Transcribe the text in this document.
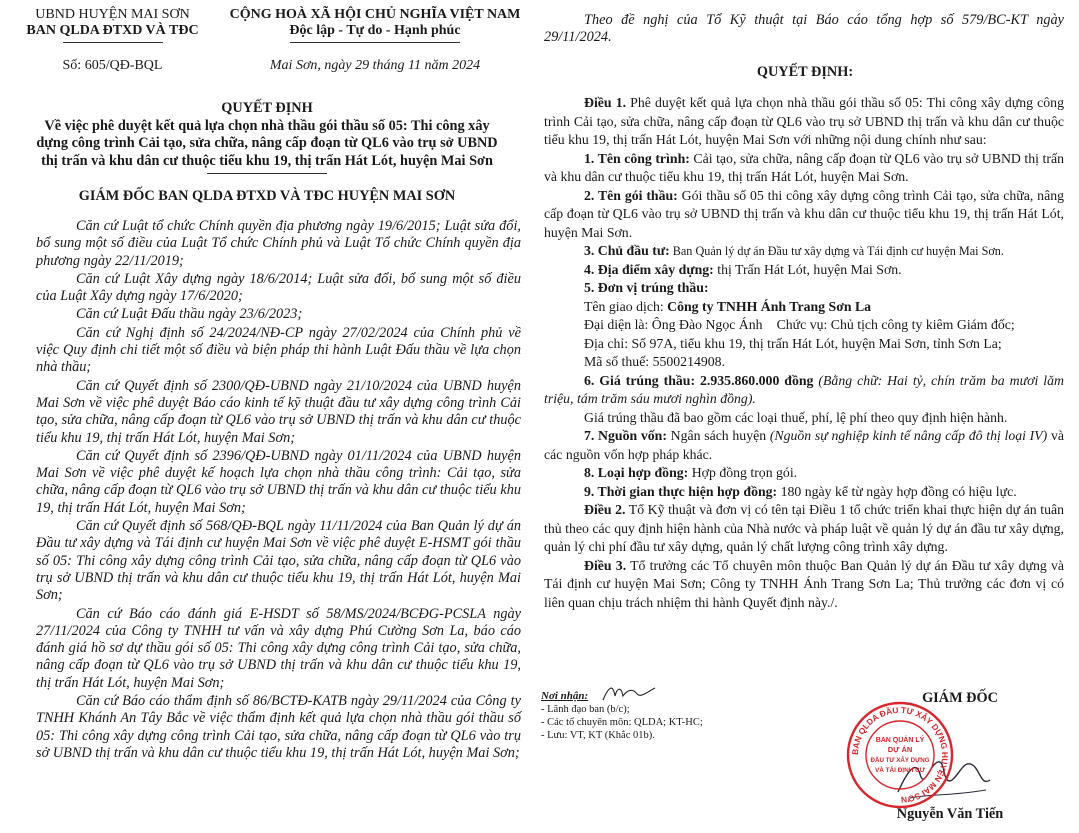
UBND HUYỆN MAI SƠN
BAN QLDA ĐTXD VÀ TĐC
CỘNG HOÀ XÃ HỘI CHỦ NGHĨA VIỆT NAM
Độc lập - Tự do - Hạnh phúc
Số: 605/QĐ-BQL	Mai Sơn, ngày 29 tháng 11 năm 2024
QUYẾT ĐỊNH
Về việc phê duyệt kết quả lựa chọn nhà thầu gói thầu số 05: Thi công xây
dựng công trình Cải tạo, sửa chữa, nâng cấp đoạn từ QL6 vào trụ sở UBND
thị trấn và khu dân cư thuộc tiểu khu 19, thị trấn Hát Lót, huyện Mai Sơn
GIÁM ĐỐC BAN QLDA ĐTXD VÀ TĐC HUYỆN MAI SƠN

Căn cứ Luật tổ chức Chính quyền địa phương ngày 19/6/2015; Luật sửa đổi, bổ sung một số điều của Luật Tổ chức Chính phủ và Luật Tổ chức Chính quyền địa phương ngày 22/11/2019;

Căn cứ Luật Xây dựng ngày 18/6/2014; Luật sửa đổi, bổ sung một số điều của Luật Xây dựng ngày 17/6/2020;

Căn cứ Luật Đấu thầu ngày 23/6/2023;

Căn cứ Nghị định số 24/2024/NĐ-CP ngày 27/02/2024 của Chính phủ về việc Quy định chi tiết một số điều và biện pháp thi hành Luật Đấu thầu về lựa chọn nhà thầu;

Căn cứ Quyết định số 2300/QĐ-UBND ngày 21/10/2024 của UBND huyện Mai Sơn về việc phê duyệt Báo cáo kinh tế kỹ thuật đầu tư xây dựng công trình Cải tạo, sửa chữa, nâng cấp đoạn từ QL6 vào trụ sở UBND thị trấn và khu dân cư thuộc tiểu khu 19, thị trấn Hát Lót, huyện Mai Sơn;

Căn cứ Quyết định số 2396/QĐ-UBND ngày 01/11/2024 của UBND huyện Mai Sơn về việc phê duyệt kế hoạch lựa chọn nhà thầu công trình: Cải tạo, sửa chữa, nâng cấp đoạn từ QL6 vào trụ sở UBND thị trấn và khu dân cư thuộc tiểu khu 19, thị trấn Hát Lót, huyện Mai Sơn;

Căn cứ Quyết định số 568/QĐ-BQL ngày 11/11/2024 của Ban Quản lý dự án Đầu tư xây dựng và Tái định cư huyện Mai Sơn về việc phê duyệt E-HSMT gói thầu số 05: Thi công xây dựng công trình Cải tạo, sửa chữa, nâng cấp đoạn từ QL6 vào trụ sở UBND thị trấn và khu dân cư thuộc tiểu khu 19, thị trấn Hát Lót, huyện Mai Sơn;

Căn cứ Báo cáo đánh giá E-HSDT số 58/MS/2024/BCĐG-PCSLA ngày 27/11/2024 của Công ty TNHH tư vấn và xây dựng Phú Cường Sơn La, báo cáo đánh giá hồ sơ dự thầu gói số 05: Thi công xây dựng công trình Cải tạo, sửa chữa, nâng cấp đoạn từ QL6 vào trụ sở UBND thị trấn và khu dân cư thuộc tiểu khu 19, thị trấn Hát Lót, huyện Mai Sơn;

Căn cứ Báo cáo thẩm định số 86/BCTĐ-KATB ngày 29/11/2024 của Công ty TNHH Khánh An Tây Bắc về việc thẩm định kết quả lựa chọn nhà thầu gói thầu số 05: Thi công xây dựng công trình Cải tạo, sửa chữa, nâng cấp đoạn từ QL6 vào trụ sở UBND thị trấn và khu dân cư thuộc tiểu khu 19, thị trấn Hát Lót, huyện Mai Sơn;

Theo đề nghị của Tổ Kỹ thuật tại Báo cáo tổng hợp số 579/BC-KT ngày 29/11/2024.

QUYẾT ĐỊNH:

Điều 1. Phê duyệt kết quả lựa chọn nhà thầu gói thầu số 05: Thi công xây dựng công trình Cải tạo, sửa chữa, nâng cấp đoạn từ QL6 vào trụ sở UBND thị trấn và khu dân cư thuộc tiểu khu 19, thị trấn Hát Lót, huyện Mai Sơn với những nội dung chính như sau:

1. Tên công trình: Cải tạo, sửa chữa, nâng cấp đoạn từ QL6 vào trụ sở UBND thị trấn và khu dân cư thuộc tiểu khu 19, thị trấn Hát Lót, huyện Mai Sơn.

2. Tên gói thầu: Gói thầu số 05 thi công xây dựng công trình Cải tạo, sửa chữa, nâng cấp đoạn từ QL6 vào trụ sở UBND thị trấn và khu dân cư thuộc tiểu khu 19, thị trấn Hát Lót, huyện Mai Sơn.

3. Chủ đầu tư: Ban Quản lý dự án Đầu tư xây dựng và Tái định cư huyện Mai Sơn.

4. Địa điểm xây dựng: thị Trấn Hát Lót, huyện Mai Sơn.

5. Đơn vị trúng thầu:

Tên giao dịch: Công ty TNHH Ánh Trang Sơn La

Đại diện là: Ông Đào Ngọc Ánh Chức vụ: Chủ tịch công ty kiêm Giám đốc;

Địa chỉ: Số 97A, tiểu khu 19, thị trấn Hát Lót, huyện Mai Sơn, tỉnh Sơn La;

Mã số thuế: 5500214908.

6. Giá trúng thầu: 2.935.860.000 đồng (Bằng chữ: Hai tỷ, chín trăm ba mươi lăm triệu, tám trăm sáu mươi nghìn đồng).

Giá trúng thầu đã bao gồm các loại thuế, phí, lệ phí theo quy định hiện hành.

7. Nguồn vốn: Ngân sách huyện (Nguồn sự nghiệp kinh tế nâng cấp đô thị loại IV) và các nguồn vốn hợp pháp khác.

8. Loại hợp đồng: Hợp đồng trọn gói.

9. Thời gian thực hiện hợp đồng: 180 ngày kể từ ngày hợp đồng có hiệu lực.

Điều 2. Tổ Kỹ thuật và đơn vị có tên tại Điều 1 tổ chức triển khai thực hiện dự án tuân thủ theo các quy định hiện hành của Nhà nước và pháp luật về quản lý dự án đầu tư xây dựng, quản lý chi phí đầu tư xây dựng, quản lý chất lượng công trình xây dựng.

Điều 3. Tổ trưởng các Tổ chuyên môn thuộc Ban Quản lý dự án Đầu tư xây dựng và Tái định cư huyện Mai Sơn; Công ty TNHH Ánh Trang Sơn La; Thủ trưởng các đơn vị có liên quan chịu trách nhiệm thi hành Quyết định này./.

Nơi nhận:
- Lãnh đạo ban (b/c);
- Các tổ chuyên môn: QLDA; KT-HC;
- Lưu: VT, KT (Khắc 01b).
GIÁM ĐỐC
Nguyễn Văn Tiến
BAN QLDA ĐẦU TƯ XÂY DỰNG HUYỆN MAI SƠN
BAN QUẢN LÝ
DỰ ÁN
ĐẦU TƯ XÂY DỰNG
VÀ TÁI ĐỊNH CƯ
